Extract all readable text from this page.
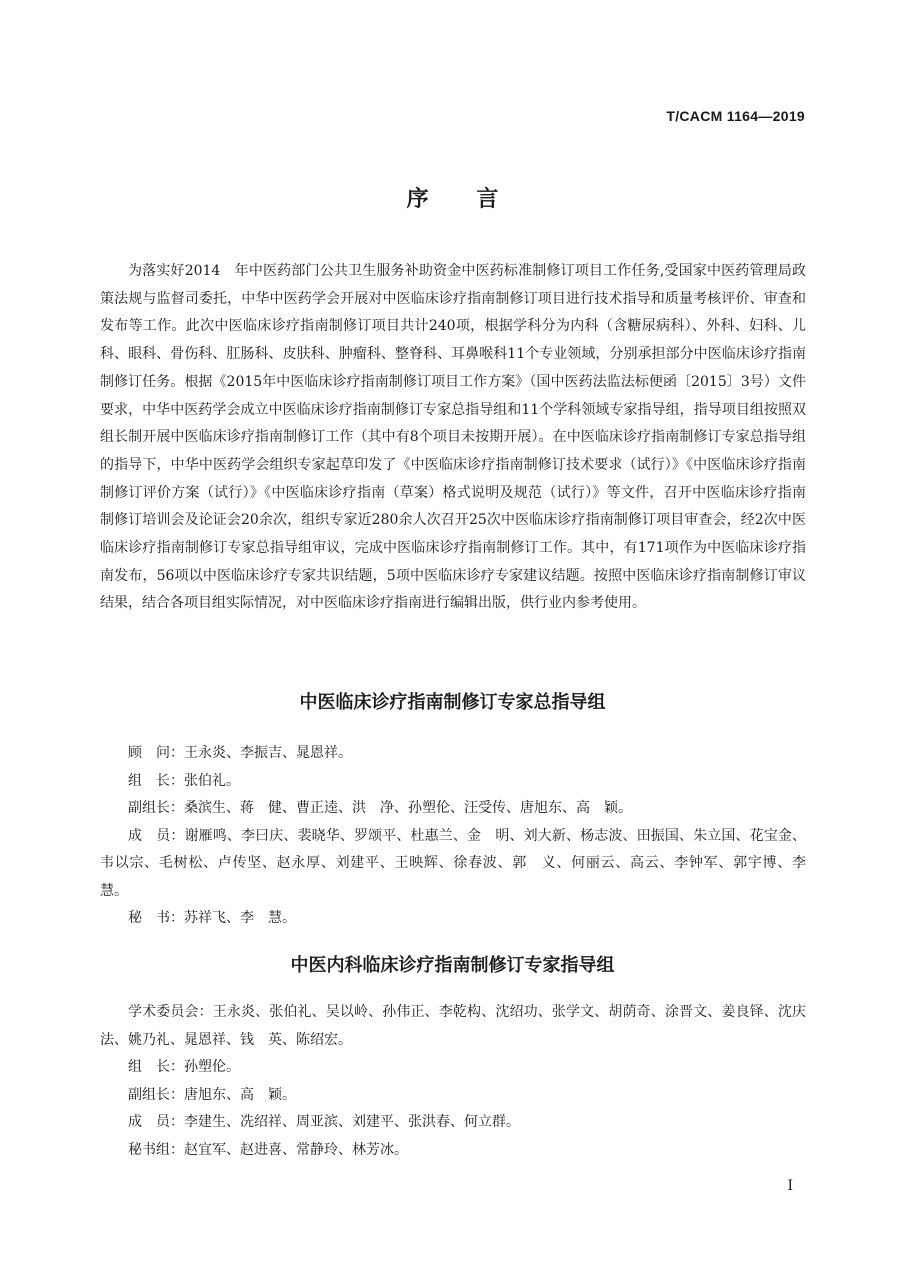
T/CACM 1164—2019
序 言

为落实好2014　年中医药部门公共卫生服务补助资金中医药标准制修订项目工作任务,受国家中医药管理局政策法规与监督司委托，中华中医药学会开展对中医临床诊疗指南制修订项目进行技术指导和质量考核评价、审查和发布等工作。此次中医临床诊疗指南制修订项目共计240项，根据学科分为内科（含糖尿病科）、外科、妇科、儿科、眼科、骨伤科、肛肠科、皮肤科、肿瘤科、整脊科、耳鼻喉科11个专业领域，分别承担部分中医临床诊疗指南制修订任务。根据《2015年中医临床诊疗指南制修订项目工作方案》（国中医药法监法标便函〔2015〕3号）文件要求，中华中医药学会成立中医临床诊疗指南制修订专家总指导组和11个学科领域专家指导组，指导项目组按照双组长制开展中医临床诊疗指南制修订工作（其中有8个项目未按期开展）。在中医临床诊疗指南制修订专家总指导组的指导下，中华中医药学会组织专家起草印发了《中医临床诊疗指南制修订技术要求（试行）》《中医临床诊疗指南制修订评价方案（试行）》《中医临床诊疗指南（草案）格式说明及规范（试行）》等文件，召开中医临床诊疗指南制修订培训会及论证会20余次，组织专家近280余人次召开25次中医临床诊疗指南制修订项目审查会，经2次中医临床诊疗指南制修订专家总指导组审议，完成中医临床诊疗指南制修订工作。其中，有171项作为中医临床诊疗指南发布，56项以中医临床诊疗专家共识结题，5项中医临床诊疗专家建议结题。按照中医临床诊疗指南制修订审议结果，结合各项目组实际情况，对中医临床诊疗指南进行编辑出版，供行业内参考使用。

中医临床诊疗指南制修订专家总指导组

顾　问：王永炎、李振吉、晁恩祥。

组　长：张伯礼。

副组长：桑滨生、蒋　健、曹正逵、洪　净、孙塑伦、汪受传、唐旭东、高　颖。

成　员：谢雁鸣、李曰庆、裴晓华、罗颂平、杜惠兰、金　明、刘大新、杨志波、田振国、朱立国、花宝金、韦以宗、毛树松、卢传坚、赵永厚、刘建平、王映辉、徐春波、郭　义、何丽云、高云、李钟军、郭宇博、李　慧。

秘　书：苏祥飞、李　慧。

中医内科临床诊疗指南制修订专家指导组

学术委员会：王永炎、张伯礼、吴以岭、孙伟正、李乾构、沈绍功、张学文、胡荫奇、涂晋文、姜良铎、沈庆法、姚乃礼、晁恩祥、钱　英、陈绍宏。

组　长：孙塑伦。

副组长：唐旭东、高　颖。

成　员：李建生、冼绍祥、周亚滨、刘建平、张洪春、何立群。

秘书组：赵宜军、赵进喜、常静玲、林芳冰。

I
